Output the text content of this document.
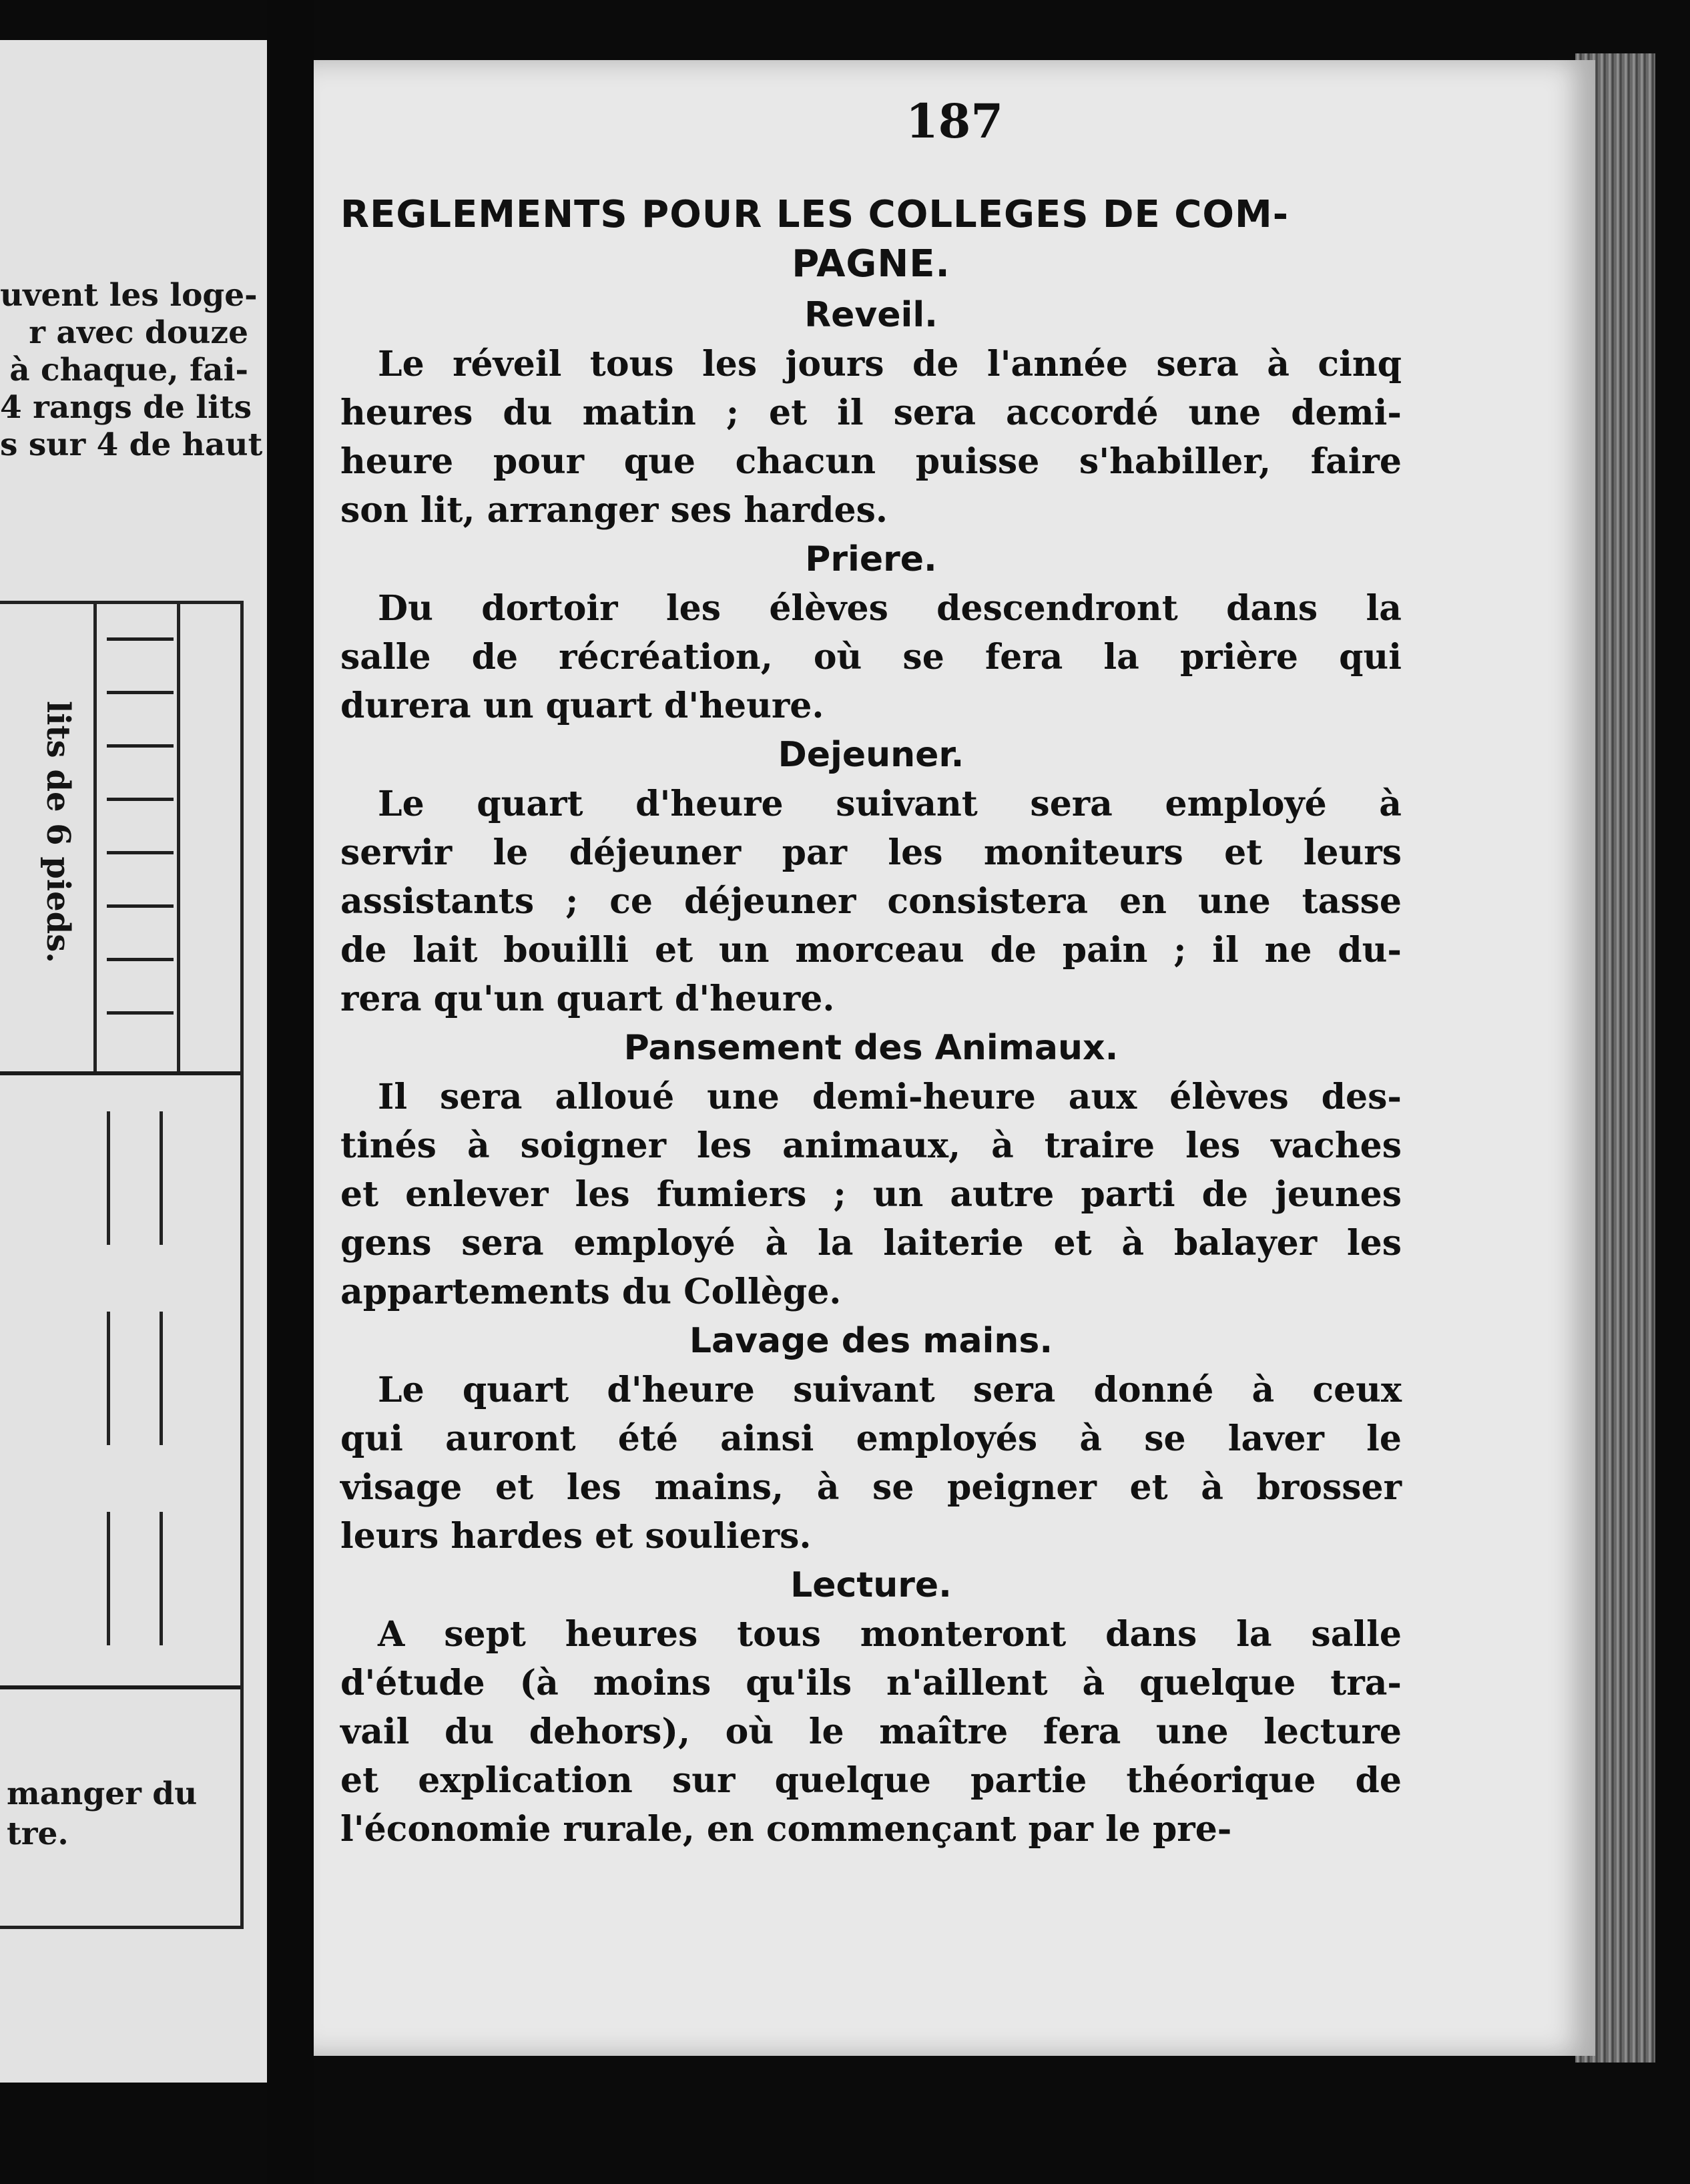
uvent les loge-
r avec douze
à chaque, fai-
4 rangs de lits
s sur 4 de haut
lits de 6 pieds.
manger du
tre.
187
REGLEMENTS POUR LES COLLEGES DE COM-
PAGNE.
Reveil.
Le réveil tous les jours de l'année sera à cinq
heures du matin ; et il sera accordé une demi-
heure pour que chacun puisse s'habiller, faire
son lit, arranger ses hardes.
Priere.
Du dortoir les élèves descendront dans la
salle de récréation, où se fera la prière qui
durera un quart d'heure.
Dejeuner.
Le quart d'heure suivant sera employé à
servir le déjeuner par les moniteurs et leurs
assistants ; ce déjeuner consistera en une tasse
de lait bouilli et un morceau de pain ; il ne du-
rera qu'un quart d'heure.
Pansement des Animaux.
Il sera alloué une demi-heure aux élèves des-
tinés à soigner les animaux, à traire les vaches
et enlever les fumiers ; un autre parti de jeunes
gens sera employé à la laiterie et à balayer les
appartements du Collège.
Lavage des mains.
Le quart d'heure suivant sera donné à ceux
qui auront été ainsi employés à se laver le
visage et les mains, à se peigner et à brosser
leurs hardes et souliers.
Lecture.
A sept heures tous monteront dans la salle
d'étude (à moins qu'ils n'aillent à quelque tra-
vail du dehors), où le maître fera une lecture
et explication sur quelque partie théorique de
l'économie rurale, en commençant par le pre-
